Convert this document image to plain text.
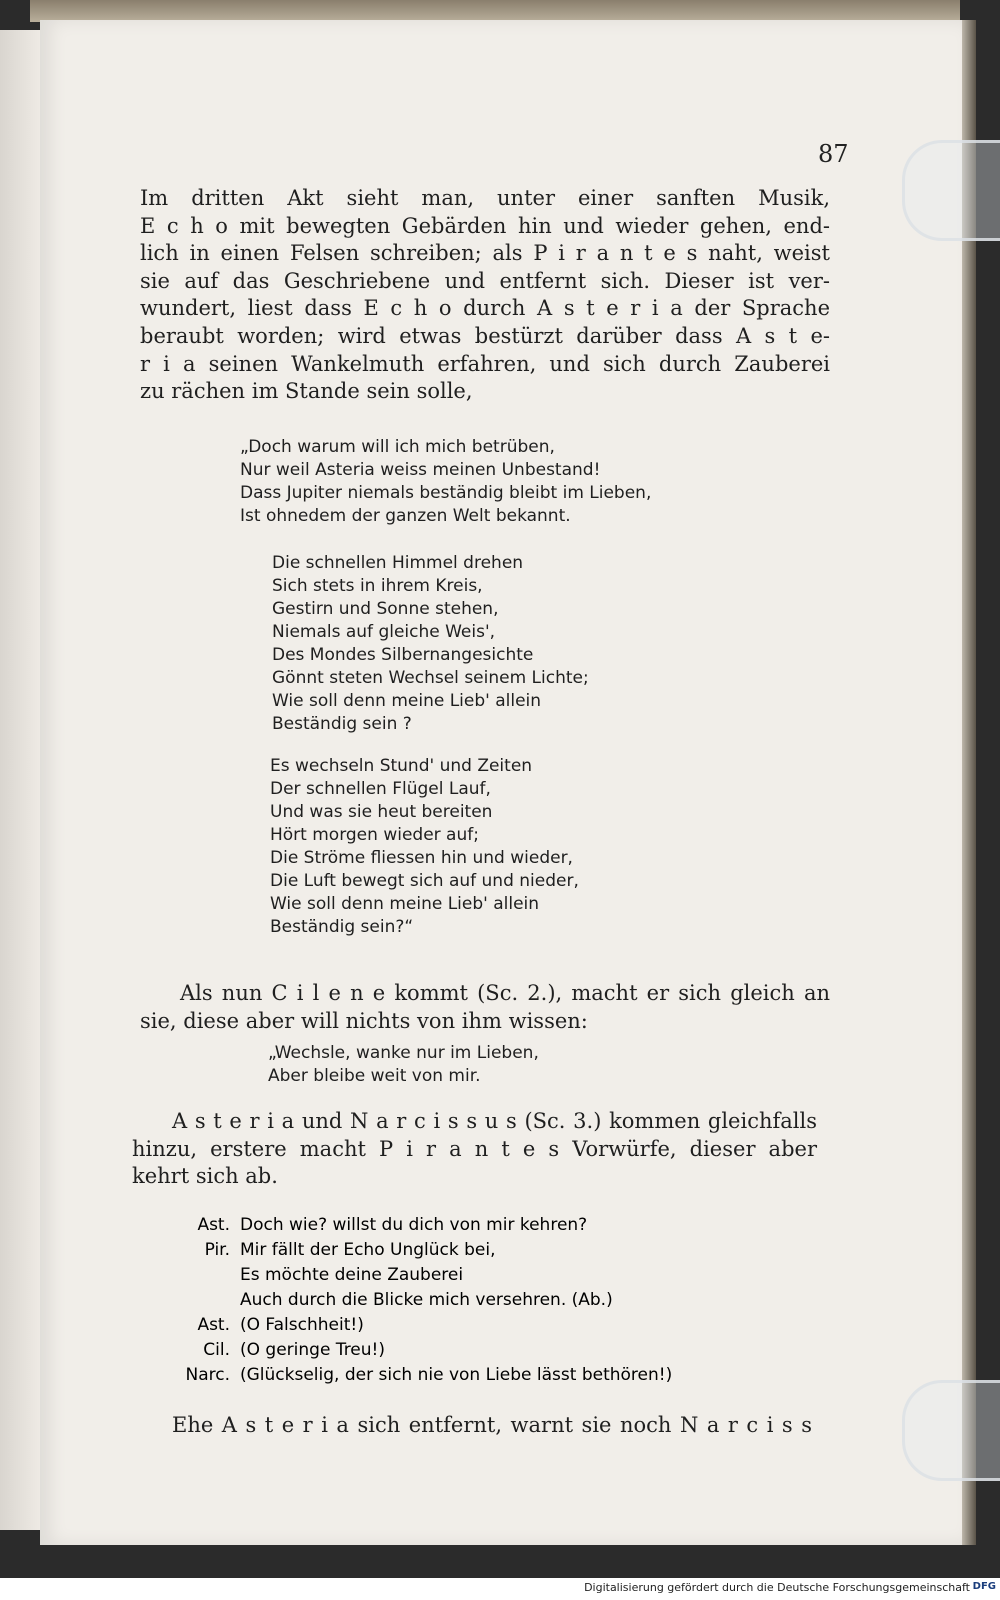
87
Im dritten Akt sieht man, unter einer sanften Musik,
E c h o mit bewegten Gebärden hin und wieder gehen, end-
lich in einen Felsen schreiben; als P i r a n t e s naht, weist
sie auf das Geschriebene und entfernt sich. Dieser ist ver-
wundert, liest dass E c h o durch A s t e r i a der Sprache
beraubt worden; wird etwas bestürzt darüber dass A s t e-
r i a seinen Wankelmuth erfahren, und sich durch Zauberei
zu rächen im Stande sein solle,
„Doch warum will ich mich betrüben,
Nur weil Asteria weiss meinen Unbestand!
Dass Jupiter niemals beständig bleibt im Lieben,
Ist ohnedem der ganzen Welt bekannt.
Die schnellen Himmel drehen
Sich stets in ihrem Kreis,
Gestirn und Sonne stehen,
Niemals auf gleiche Weis',
Des Mondes Silbernangesichte
Gönnt steten Wechsel seinem Lichte;
Wie soll denn meine Lieb' allein
Beständig sein ?
Es wechseln Stund' und Zeiten
Der schnellen Flügel Lauf,
Und was sie heut bereiten
Hört morgen wieder auf;
Die Ströme fliessen hin und wieder,
Die Luft bewegt sich auf und nieder,
Wie soll denn meine Lieb' allein
Beständig sein?“
Als nun C i l e n e kommt (Sc. 2.), macht er sich gleich an
sie, diese aber will nichts von ihm wissen:
„Wechsle, wanke nur im Lieben,
Aber bleibe weit von mir.
A s t e r i a und N a r c i s s u s (Sc. 3.) kommen gleichfalls
hinzu, erstere macht P i r a n t e s Vorwürfe, dieser aber
kehrt sich ab.
Ast. Doch wie? willst du dich von mir kehren?
Pir. Mir fällt der Echo Unglück bei,
Es möchte deine Zauberei
Auch durch die Blicke mich versehren. (Ab.)
Ast. (O Falschheit!)
Cil. (O geringe Treu!)
Narc. (Glückselig, der sich nie von Liebe lässt bethören!)
Ehe A s t e r i a sich entfernt, warnt sie noch N a r c i s s
Digitalisierung gefördert durch die Deutsche Forschungsgemeinschaft DFG
